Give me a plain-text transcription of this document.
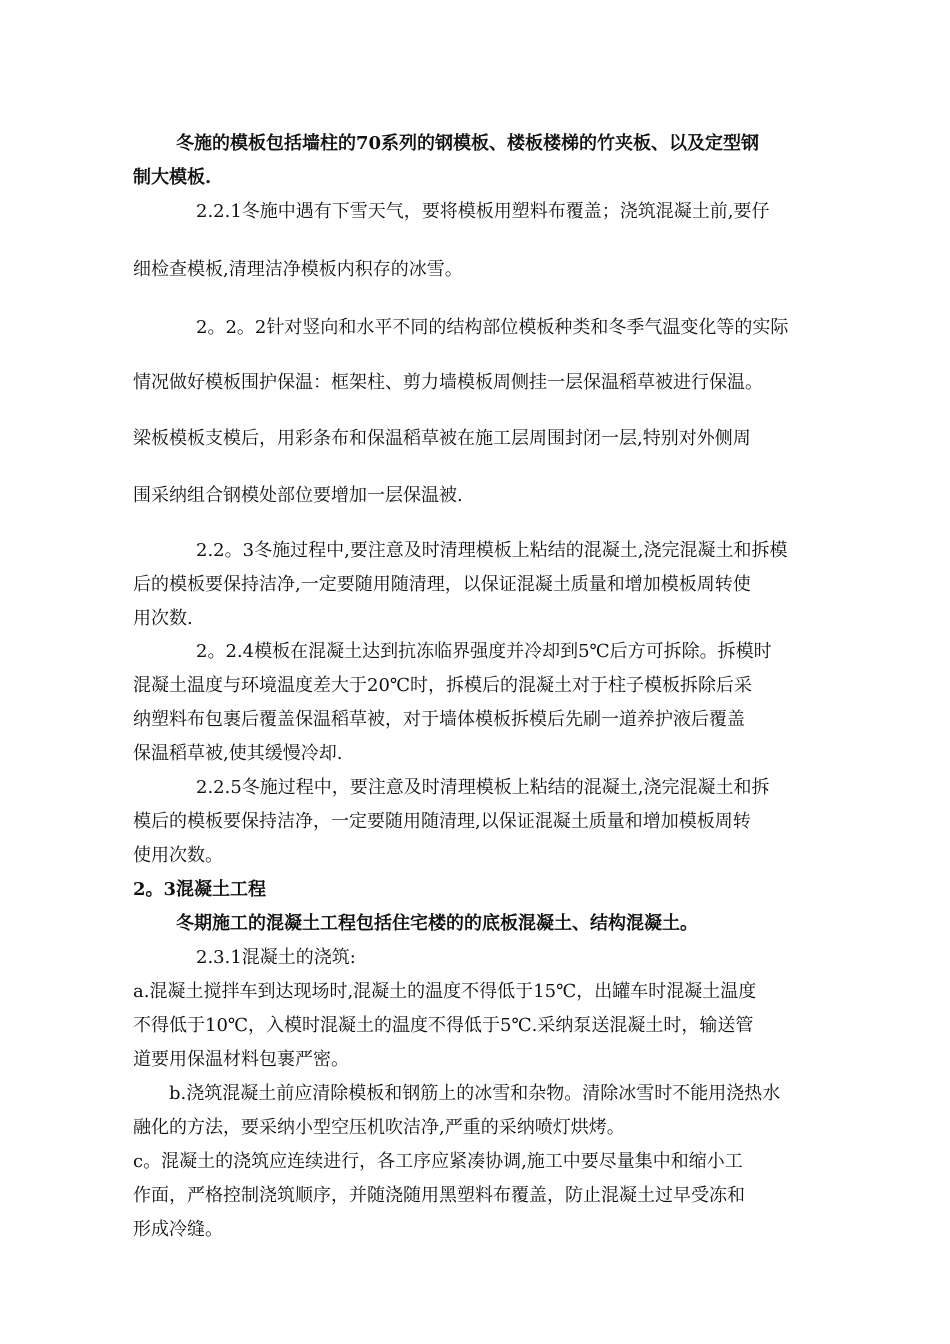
冬施的模板包括墙柱的70系列的钢模板、楼板楼梯的竹夹板、以及定型钢
制大模板.
2.2.1冬施中遇有下雪天气，要将模板用塑料布覆盖；浇筑混凝土前,要仔
细检查模板,清理洁净模板内积存的冰雪。
2。2。2针对竖向和水平不同的结构部位模板种类和冬季气温变化等的实际
情况做好模板围护保温：框架柱、剪力墙模板周侧挂一层保温稻草被进行保温。
梁板模板支模后，用彩条布和保温稻草被在施工层周围封闭一层,特别对外侧周
围采纳组合钢模处部位要增加一层保温被.
2.2。3冬施过程中,要注意及时清理模板上粘结的混凝土,浇完混凝土和拆模
后的模板要保持洁净,一定要随用随清理，以保证混凝土质量和增加模板周转使
用次数.
2。2.4模板在混凝土达到抗冻临界强度并冷却到5℃后方可拆除。拆模时
混凝土温度与环境温度差大于20℃时，拆模后的混凝土对于柱子模板拆除后采
纳塑料布包裹后覆盖保温稻草被，对于墙体模板拆模后先刷一道养护液后覆盖
保温稻草被,使其缓慢冷却.
2.2.5冬施过程中，要注意及时清理模板上粘结的混凝土,浇完混凝土和拆
模后的模板要保持洁净，一定要随用随清理,以保证混凝土质量和增加模板周转
使用次数。
2。3混凝土工程
冬期施工的混凝土工程包括住宅楼的的底板混凝土、结构混凝土。
2.3.1混凝土的浇筑:
a.混凝土搅拌车到达现场时,混凝土的温度不得低于15℃，出罐车时混凝土温度
不得低于10℃，入模时混凝土的温度不得低于5℃.采纳泵送混凝土时，输送管
道要用保温材料包裹严密。
b.浇筑混凝土前应清除模板和钢筋上的冰雪和杂物。清除冰雪时不能用浇热水
融化的方法，要采纳小型空压机吹洁净,严重的采纳喷灯烘烤。
c。混凝土的浇筑应连续进行，各工序应紧凑协调,施工中要尽量集中和缩小工
作面，严格控制浇筑顺序，并随浇随用黑塑料布覆盖，防止混凝土过早受冻和
形成冷缝。
